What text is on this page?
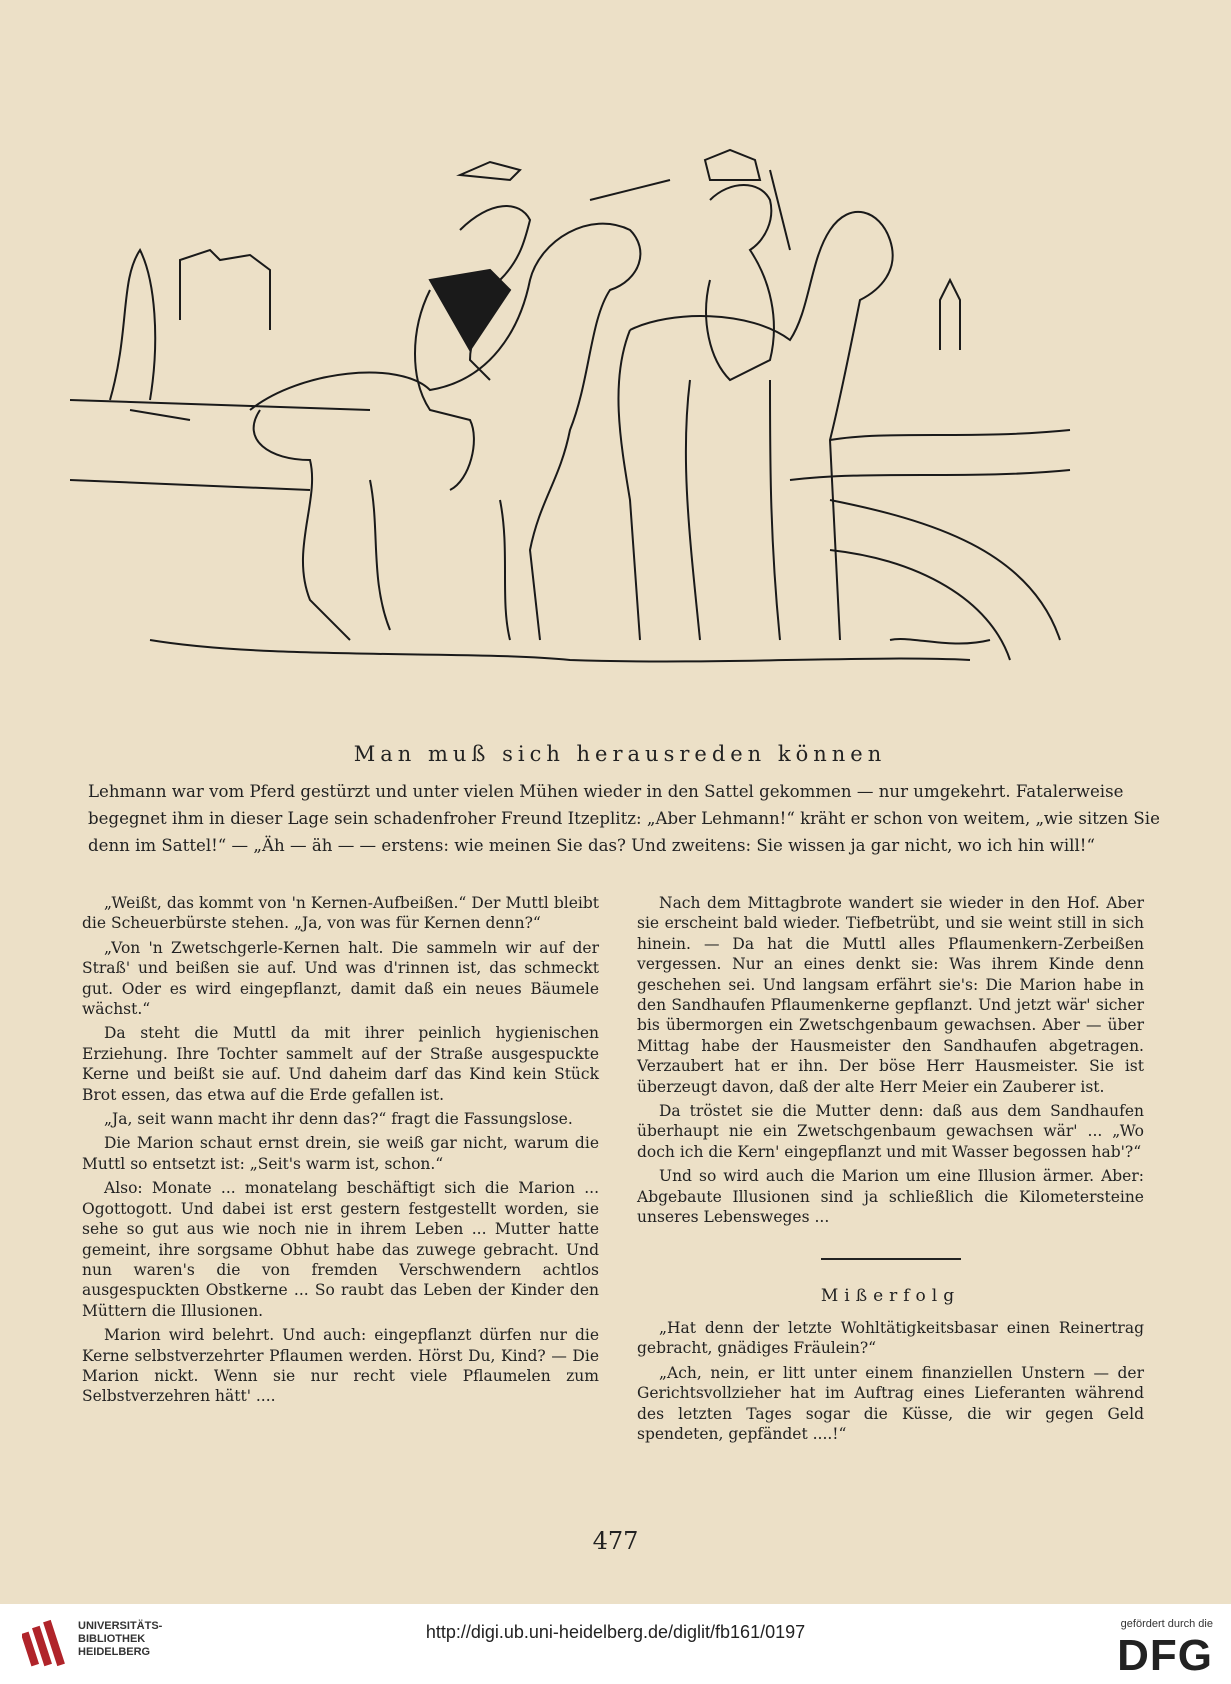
Man muß sich herausreden können

Lehmann war vom Pferd gestürzt und unter vielen Mühen wieder in den Sattel gekommen — nur umgekehrt. Fatalerweise

begegnet ihm in dieser Lage sein schadenfroher Freund Itzeplitz: „Aber Lehmann!“ kräht er schon von weitem, „wie sitzen Sie

denn im Sattel!“ — „Äh — äh — — erstens: wie meinen Sie das? Und zweitens: Sie wissen ja gar nicht, wo ich hin will!“

„Weißt, das kommt von 'n Kernen-Aufbeißen.“ Der Muttl bleibt die Scheuerbürste stehen. „Ja, von was für Kernen denn?“

„Von 'n Zwetschgerle-Kernen halt. Die sammeln wir auf der Straß' und beißen sie auf. Und was d'rinnen ist, das schmeckt gut. Oder es wird eingepflanzt, damit daß ein neues Bäumele wächst.“

Da steht die Muttl da mit ihrer peinlich hygienischen Erziehung. Ihre Tochter sammelt auf der Straße ausgespuckte Kerne und beißt sie auf. Und daheim darf das Kind kein Stück Brot essen, das etwa auf die Erde gefallen ist.

„Ja, seit wann macht ihr denn das?“ fragt die Fassungslose.

Die Marion schaut ernst drein, sie weiß gar nicht, warum die Muttl so entsetzt ist: „Seit's warm ist, schon.“

Also: Monate ... monatelang beschäftigt sich die Marion ... Ogottogott. Und dabei ist erst gestern festgestellt worden, sie sehe so gut aus wie noch nie in ihrem Leben ... Mutter hatte gemeint, ihre sorgsame Obhut habe das zuwege gebracht. Und nun waren's die von fremden Verschwendern achtlos ausgespuckten Obstkerne ... So raubt das Leben der Kinder den Müttern die Illusionen.

Marion wird belehrt. Und auch: eingepflanzt dürfen nur die Kerne selbstverzehrter Pflaumen werden. Hörst Du, Kind? — Die Marion nickt. Wenn sie nur recht viele Pflaumelen zum Selbstverzehren hätt' ....

Nach dem Mittagbrote wandert sie wieder in den Hof. Aber sie erscheint bald wieder. Tiefbetrübt, und sie weint still in sich hinein. — Da hat die Muttl alles Pflaumenkern-Zerbeißen vergessen. Nur an eines denkt sie: Was ihrem Kinde denn geschehen sei. Und langsam erfährt sie's: Die Marion habe in den Sandhaufen Pflaumenkerne gepflanzt. Und jetzt wär' sicher bis übermorgen ein Zwetschgenbaum gewachsen. Aber — über Mittag habe der Hausmeister den Sandhaufen abgetragen. Verzaubert hat er ihn. Der böse Herr Hausmeister. Sie ist überzeugt davon, daß der alte Herr Meier ein Zauberer ist.

Da tröstet sie die Mutter denn: daß aus dem Sandhaufen überhaupt nie ein Zwetschgenbaum gewachsen wär' ... „Wo doch ich die Kern' eingepflanzt und mit Wasser begossen hab'?“

Und so wird auch die Marion um eine Illusion ärmer. Aber: Abgebaute Illusionen sind ja schließlich die Kilometersteine unseres Lebensweges ...

Mißerfolg

„Hat denn der letzte Wohltätigkeitsbasar einen Reinertrag gebracht, gnädiges Fräulein?“

„Ach, nein, er litt unter einem finanziellen Unstern — der Gerichtsvollzieher hat im Auftrag eines Lieferanten während des letzten Tages sogar die Küsse, die wir gegen Geld spendeten, gepfändet ....!“

477
UNIVERSITÄTS-
BIBLIOTHEK
HEIDELBERG
http://digi.ub.uni-heidelberg.de/diglit/fb161/0197	gefördert durch die
DFG
